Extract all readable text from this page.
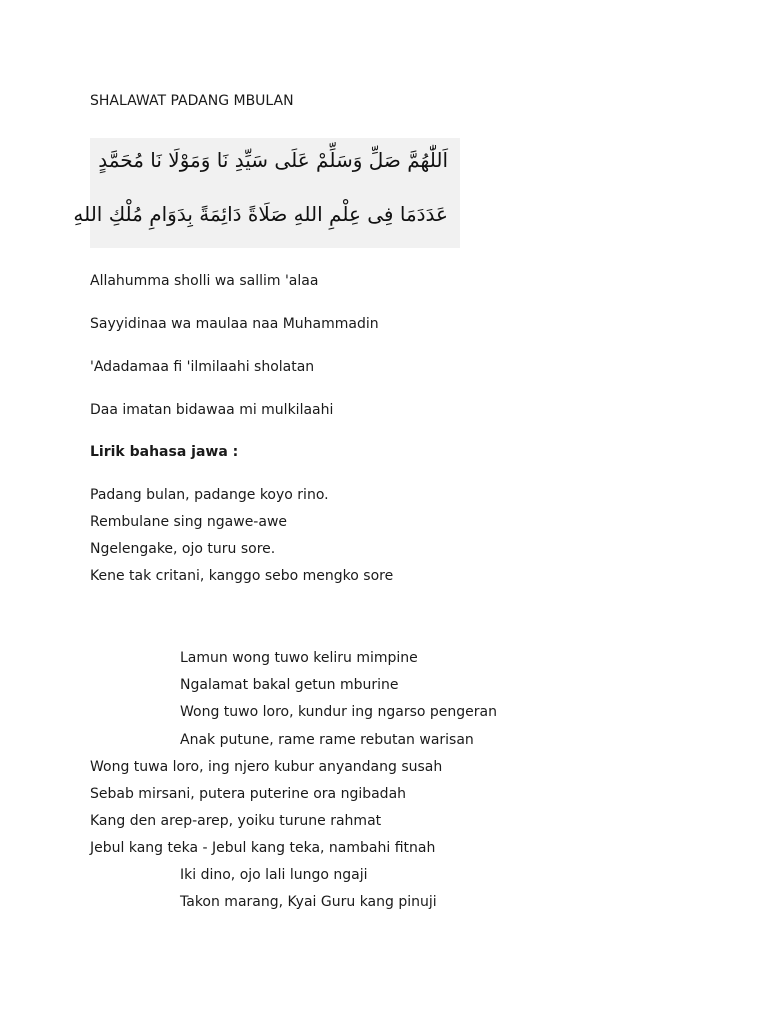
SHALAWAT PADANG MBULAN
اَللّٰهُمَّ صَلِّ وَسَلِّمْ عَلَى سَيِّدِ نَا وَمَوْلَا نَا مُحَمَّدٍ
عَدَدَمَا فِى عِلْمِ اللهِ صَلَاةً دَائِمَةً بِدَوَامِ مُلْكِ اللهِ
Allahumma sholli wa sallim 'alaa
Sayyidinaa wa maulaa naa Muhammadin
'Adadamaa fi 'ilmilaahi sholatan
Daa imatan bidawaa mi mulkilaahi
Lirik bahasa jawa :
Padang bulan, padange koyo rino.
Rembulane sing ngawe-awe
Ngelengake, ojo turu sore.
Kene tak critani, kanggo sebo mengko sore
Lamun wong tuwo keliru mimpine
Ngalamat bakal getun mburine
Wong tuwo loro, kundur ing ngarso pengeran
Anak putune, rame rame rebutan warisan
Wong tuwa loro, ing njero kubur anyandang susah
Sebab mirsani, putera puterine ora ngibadah
Kang den arep-arep, yoiku turune rahmat
Jebul kang teka - Jebul kang teka, nambahi fitnah
Iki dino, ojo lali lungo ngaji
Takon marang, Kyai Guru kang pinuji
